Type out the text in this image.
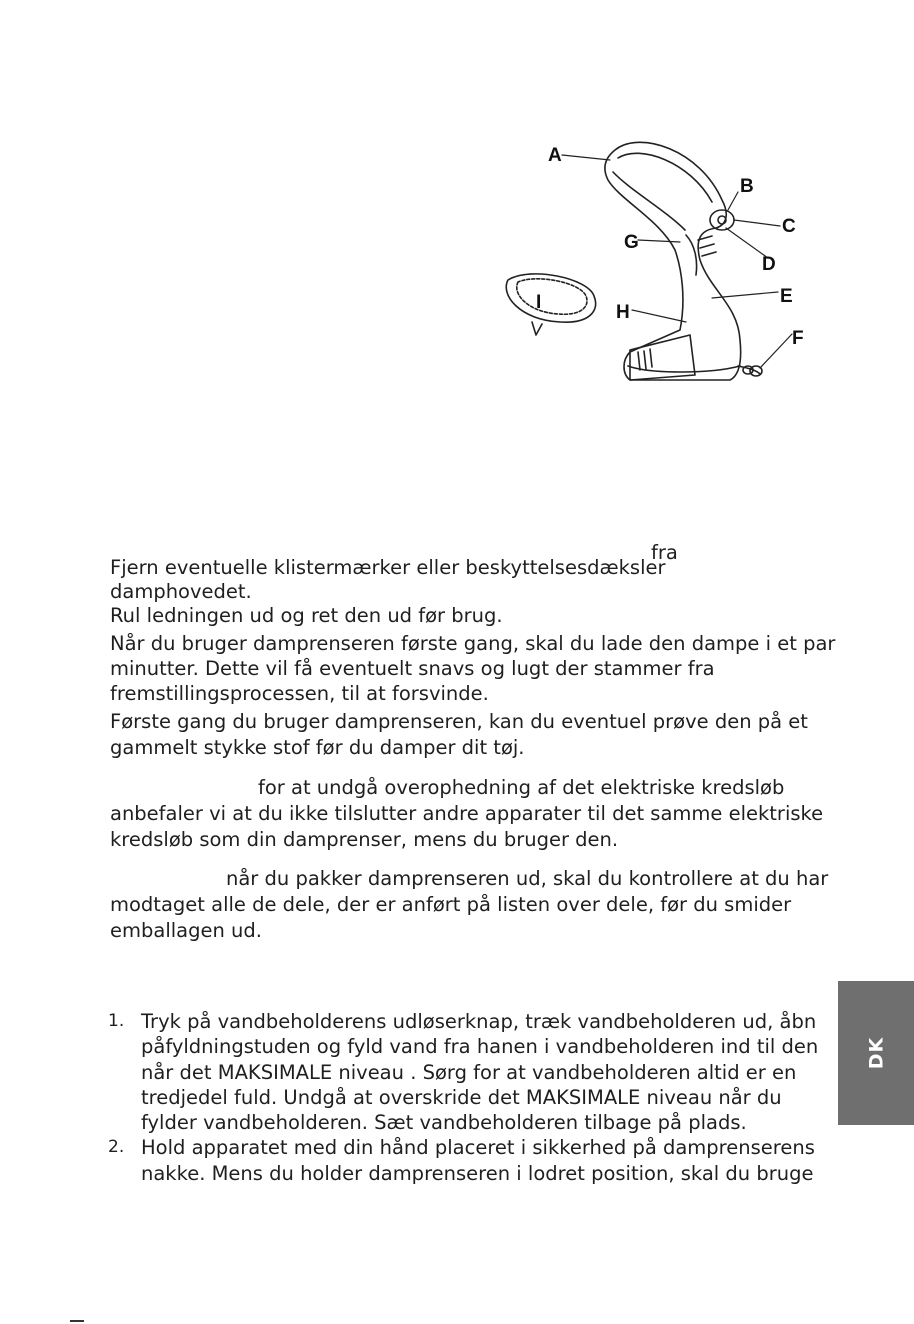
A
B
C
D
E
F
G
H
I
fra
Fjern eventuelle klistermærker eller beskyttelsesdæksler
damphovedet.
Rul ledningen ud og ret den ud før brug.
Når du bruger damprenseren første gang, skal du lade den dampe i et par
minutter. Dette vil få eventuelt snavs og lugt der stammer fra
fremstillingsprocessen, til at forsvinde.
Første gang du bruger damprenseren, kan du eventuel prøve den på et
gammelt stykke stof før du damper dit tøj.
for at undgå overophedning af det elektriske kredsløb
anbefaler vi at du ikke tilslutter andre apparater til det samme elektriske
kredsløb som din damprenser, mens du bruger den.
når du pakker damprenseren ud, skal du kontrollere at du har
modtaget alle de dele, der er anført på listen over dele, før du smider
emballagen ud.
1. Tryk på vandbeholderens udløserknap, træk vandbeholderen ud, åbn
påfyldningstuden og fyld vand fra hanen i vandbeholderen ind til den
når det MAKSIMALE niveau . Sørg for at vandbeholderen altid er en
tredjedel fuld. Undgå at overskride det MAKSIMALE niveau når du
fylder vandbeholderen. Sæt vandbeholderen tilbage på plads.
2. Hold apparatet med din hånd placeret i sikkerhed på damprenserens
nakke. Mens du holder damprenseren i lodret position, skal du bruge
DK
